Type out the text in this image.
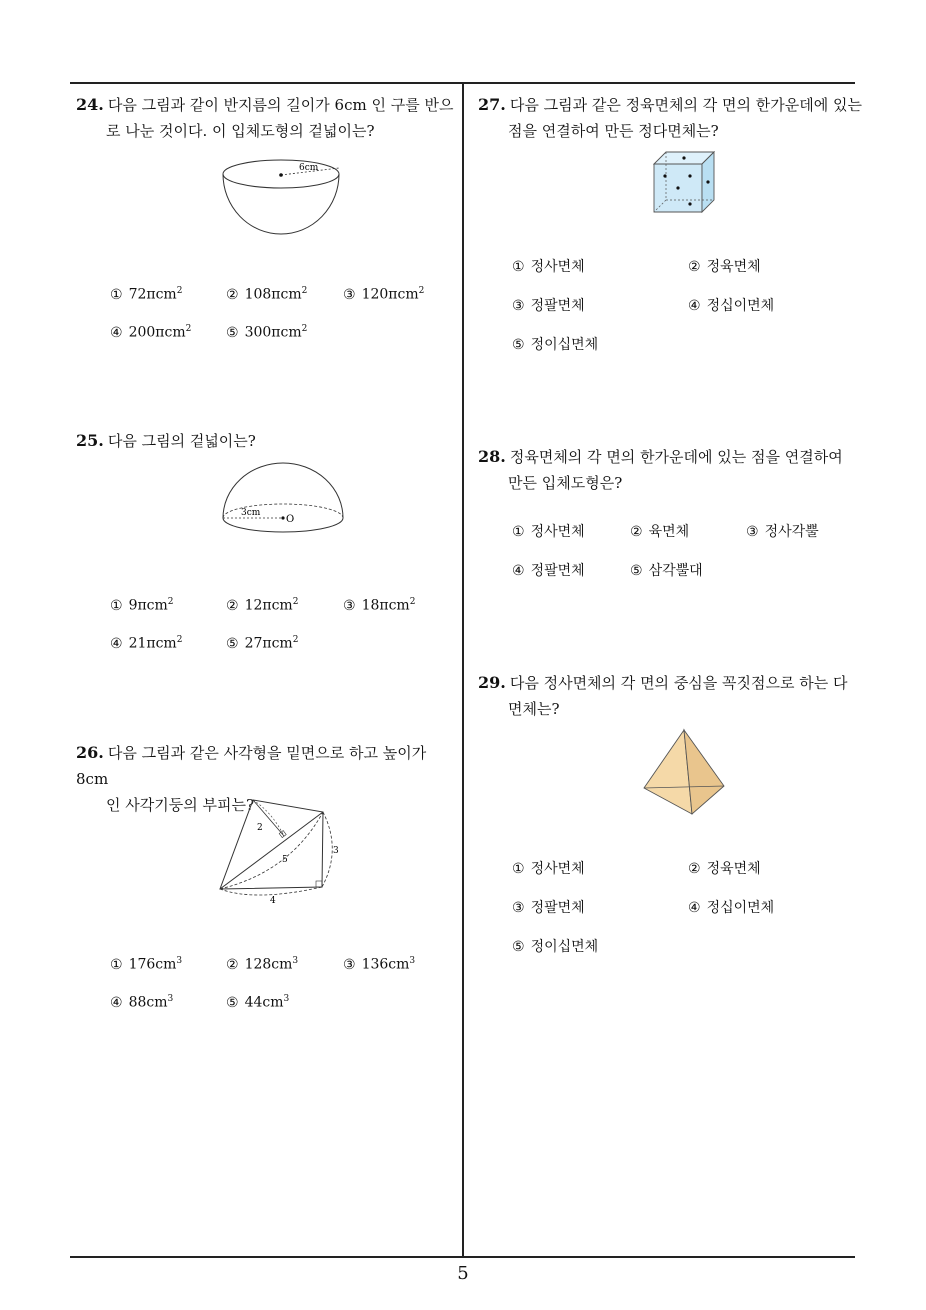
24. 다음 그림과 같이 반지름의 길이가 6cm 인 구를 반으
로 나눈 것이다. 이 입체도형의 겉넓이는?
6cm
① 72πcm$^2$	② 108πcm$^2$	③ 120πcm$^2$
④ 200πcm$^2$ ⑤ 300πcm$^2$
25. 다음 그림의 겉넓이는?
3cm
O
① 9πcm$^2$	② 12πcm$^2$	③ 18πcm$^2$
④ 21πcm$^2$	⑤ 27πcm$^2$
26. 다음 그림과 같은 사각형을 밑면으로 하고 높이가 8cm
인 사각기둥의 부피는?
2
5
3
4
① $176cm^3$	② $128cm^3$	③ $136cm^3$
④ $88cm^3$	⑤ $44cm^3$
27. 다음 그림과 같은 정육면체의 각 면의 한가운데에 있는
점을 연결하여 만든 정다면체는?
① 정사면체	② 정육면체
③ 정팔면체	④ 정십이면체
⑤ 정이십면체
28. 정육면체의 각 면의 한가운데에 있는 점을 연결하여
만든 입체도형은?
① 정사면체	② 육면체	③ 정사각뿔
④ 정팔면체	⑤ 삼각뿔대
29. 다음 정사면체의 각 면의 중심을 꼭짓점으로 하는 다
면체는?
① 정사면체	② 정육면체
③ 정팔면체	④ 정십이면체
⑤ 정이십면체
5
